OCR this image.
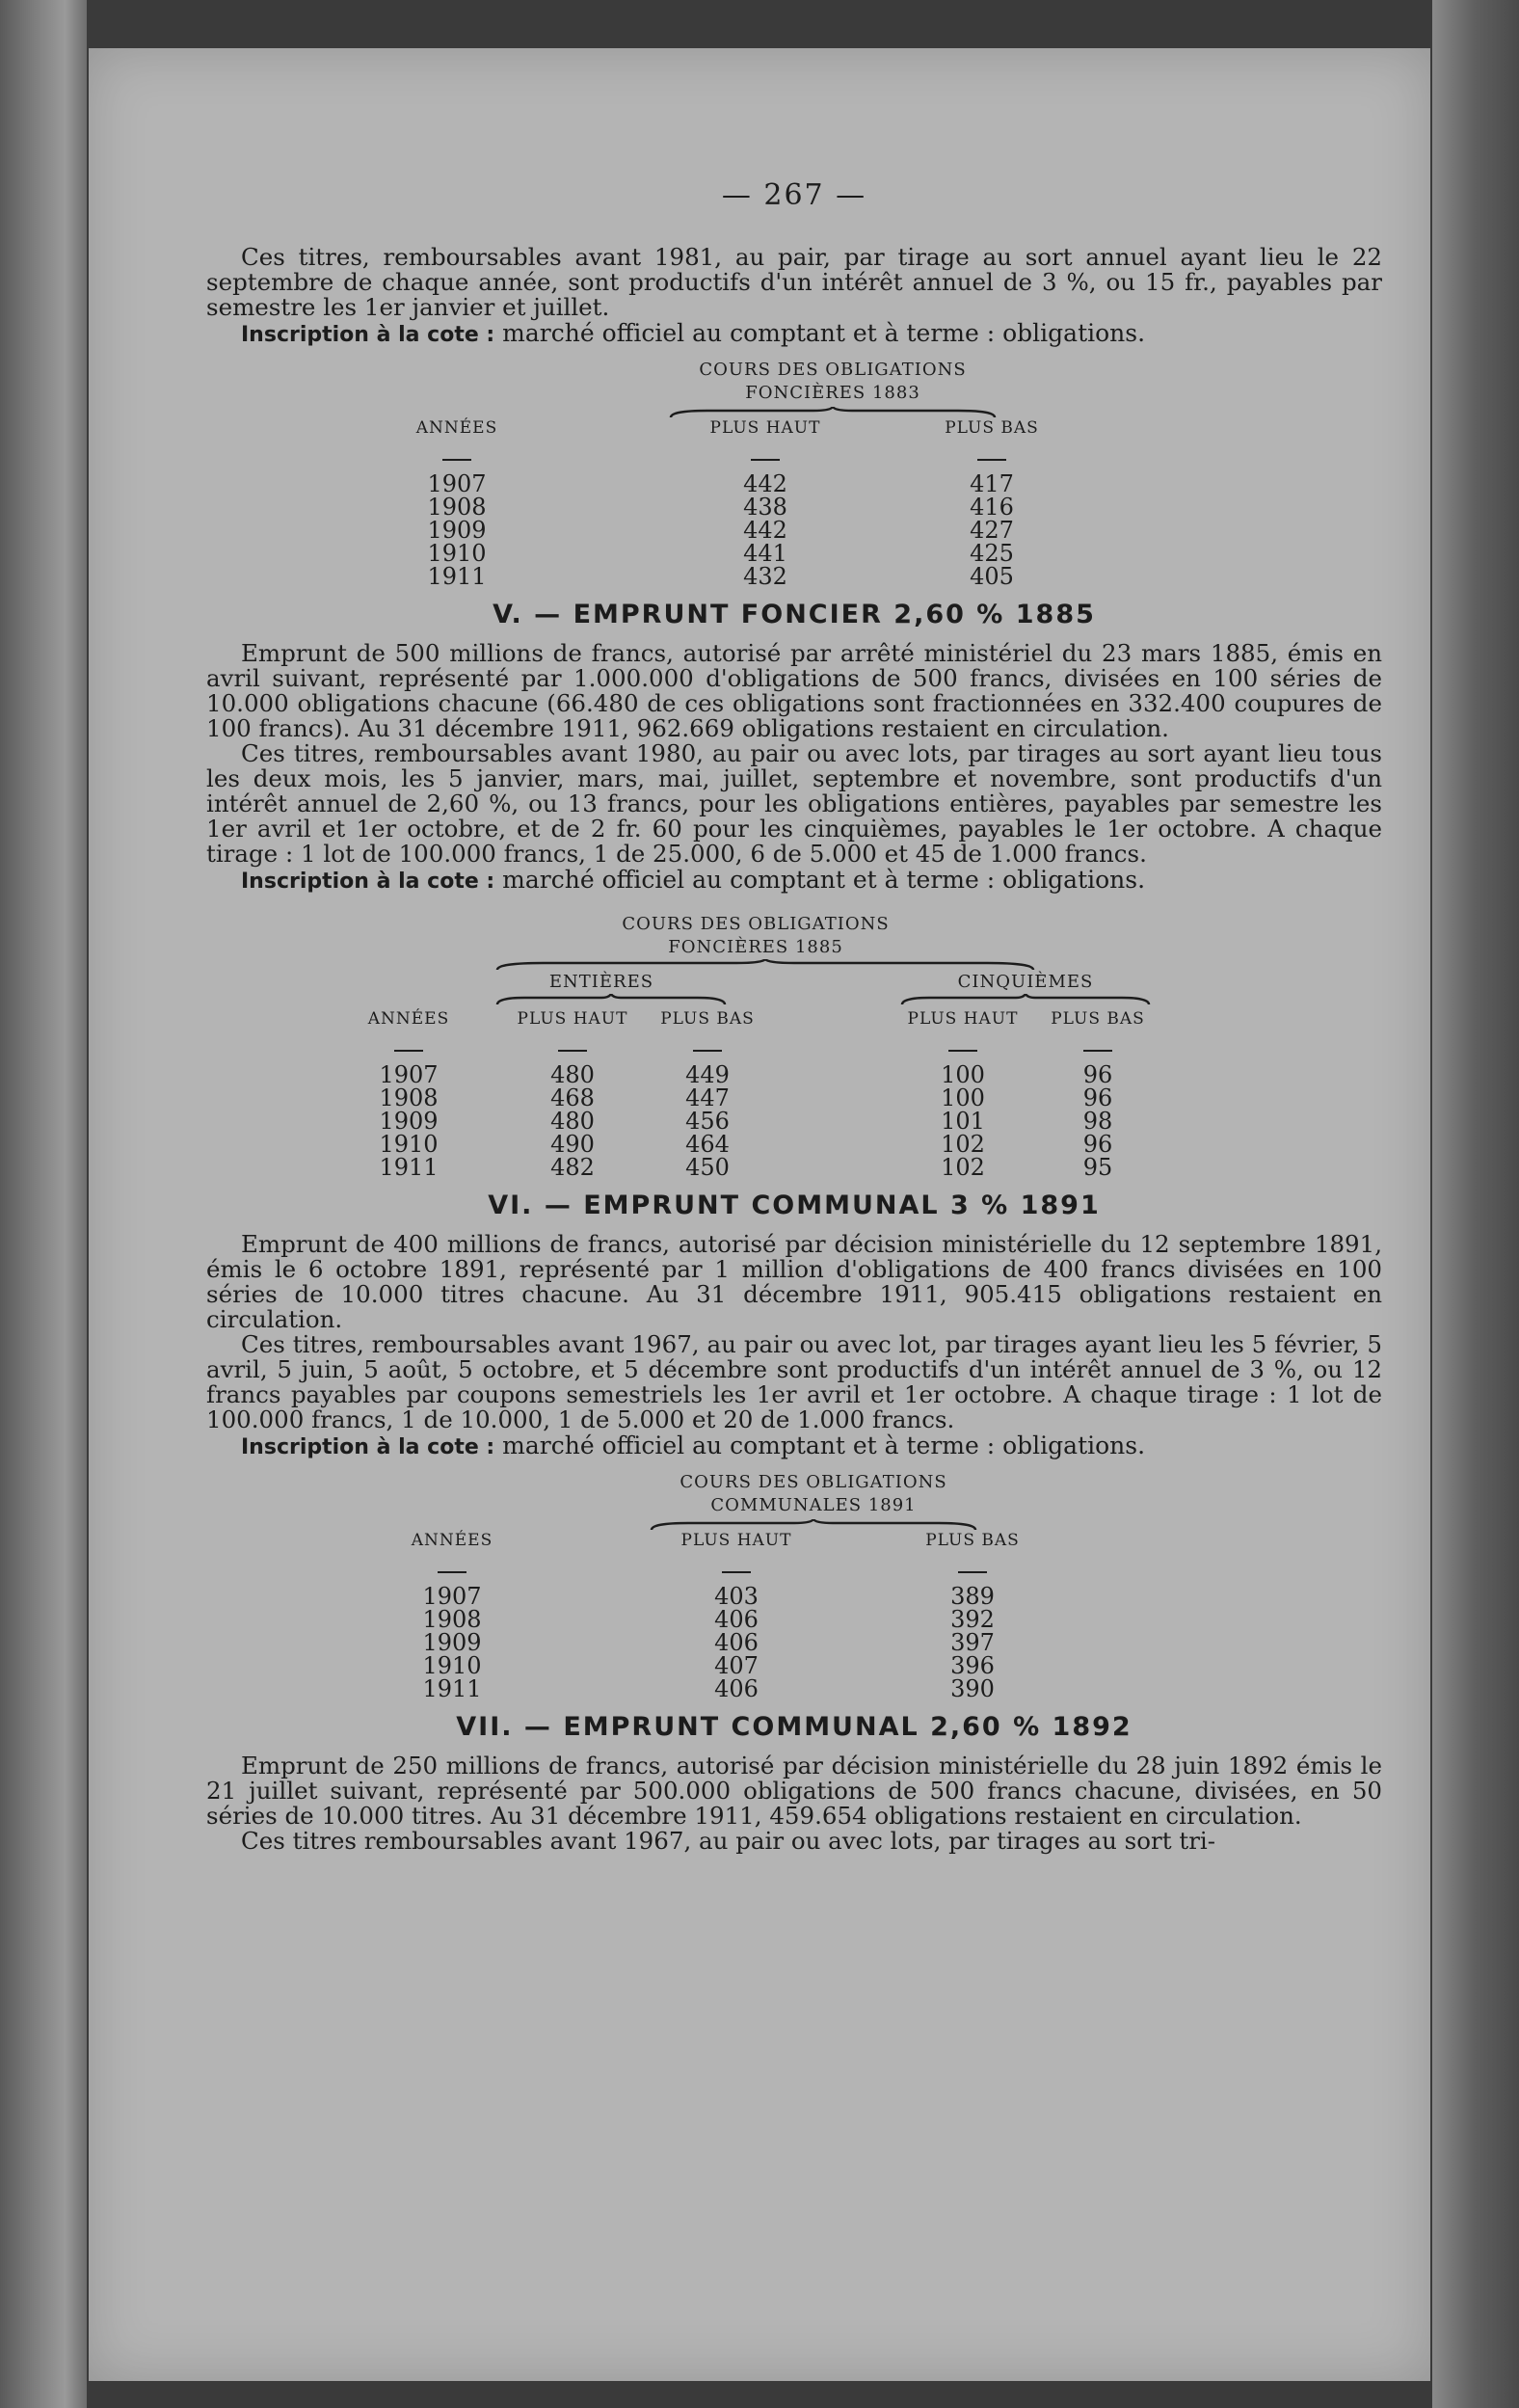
— 267 —

Ces titres, remboursables avant 1981, au pair, par tirage au sort annuel ayant lieu le 22 septembre de chaque année, sont productifs d'un intérêt annuel de 3 %, ou 15 fr., payables par semestre les 1er janvier et juillet.

Inscription à la cote : marché officiel au comptant et à terme : obligations.

COURS DES OBLIGATIONS
FONCIÈRES 1883
ANNÉES	PLUS HAUT	PLUS BAS
1907	442	417
1908	438	416
1909	442	427
1910	441	425
1911	432	405
V. — EMPRUNT FONCIER 2,60 % 1885

Emprunt de 500 millions de francs, autorisé par arrêté ministériel du 23 mars 1885, émis en avril suivant, représenté par 1.000.000 d'obligations de 500 francs, divisées en 100 séries de 10.000 obligations chacune (66.480 de ces obligations sont fractionnées en 332.400 coupures de 100 francs). Au 31 décembre 1911, 962.669 obligations restaient en circulation.

Ces titres, remboursables avant 1980, au pair ou avec lots, par tirages au sort ayant lieu tous les deux mois, les 5 janvier, mars, mai, juillet, septembre et novembre, sont productifs d'un intérêt annuel de 2,60 %, ou 13 francs, pour les obligations entières, payables par semestre les 1er avril et 1er octobre, et de 2 fr. 60 pour les cinquièmes, payables le 1er octobre. A chaque tirage : 1 lot de 100.000 francs, 1 de 25.000, 6 de 5.000 et 45 de 1.000 francs.

Inscription à la cote : marché officiel au comptant et à terme : obligations.

COURS DES OBLIGATIONS
FONCIÈRES 1885
ENTIÈRES	CINQUIÈMES
ANNÉES	PLUS HAUT	PLUS BAS	PLUS HAUT	PLUS BAS
1907	480	449	100	96
1908	468	447	100	96
1909	480	456	101	98
1910	490	464	102	96
1911	482	450	102	95
VI. — EMPRUNT COMMUNAL 3 % 1891

Emprunt de 400 millions de francs, autorisé par décision ministérielle du 12 septembre 1891, émis le 6 octobre 1891, représenté par 1 million d'obligations de 400 francs divisées en 100 séries de 10.000 titres chacune. Au 31 décembre 1911, 905.415 obligations restaient en circulation.

Ces titres, remboursables avant 1967, au pair ou avec lot, par tirages ayant lieu les 5 février, 5 avril, 5 juin, 5 août, 5 octobre, et 5 décembre sont productifs d'un intérêt annuel de 3 %, ou 12 francs payables par coupons semestriels les 1er avril et 1er octobre. A chaque tirage : 1 lot de 100.000 francs, 1 de 10.000, 1 de 5.000 et 20 de 1.000 francs.

Inscription à la cote : marché officiel au comptant et à terme : obligations.

COURS DES OBLIGATIONS
COMMUNALES 1891
ANNÉES	PLUS HAUT	PLUS BAS
1907	403	389
1908	406	392
1909	406	397
1910	407	396
1911	406	390
VII. — EMPRUNT COMMUNAL 2,60 % 1892

Emprunt de 250 millions de francs, autorisé par décision ministérielle du 28 juin 1892 émis le 21 juillet suivant, représenté par 500.000 obligations de 500 francs chacune, divisées, en 50 séries de 10.000 titres. Au 31 décembre 1911, 459.654 obligations restaient en circulation.

Ces titres remboursables avant 1967, au pair ou avec lots, par tirages au sort tri-
